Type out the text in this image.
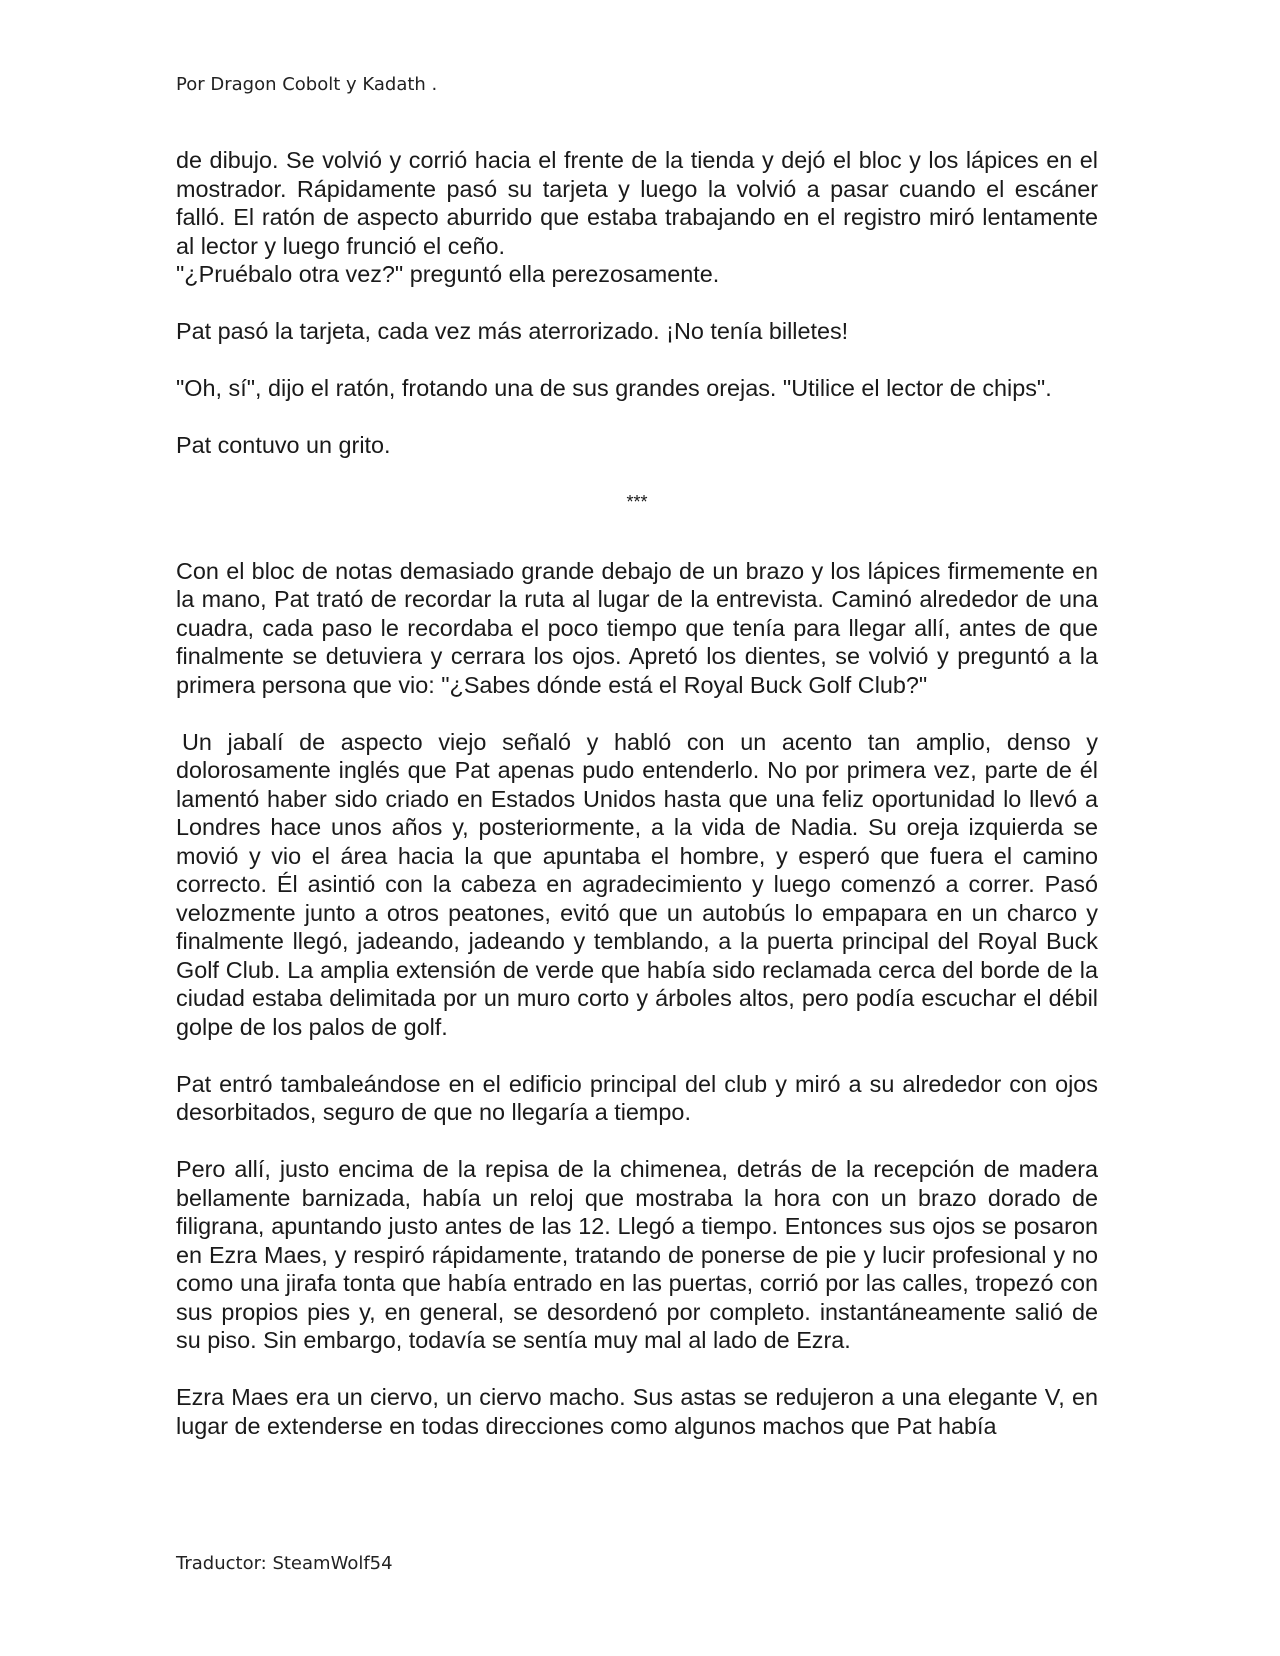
Por Dragon Cobolt y Kadath .

de dibujo. Se volvió y corrió hacia el frente de la tienda y dejó el bloc y los lápices en el mostrador. Rápidamente pasó su tarjeta y luego la volvió a pasar cuando el escáner falló. El ratón de aspecto aburrido que estaba trabajando en el registro miró lentamente al lector y luego frunció el ceño.

"¿Pruébalo otra vez?" preguntó ella perezosamente.

Pat pasó la tarjeta, cada vez más aterrorizado. ¡No tenía billetes!

"Oh, sí", dijo el ratón, frotando una de sus grandes orejas. "Utilice el lector de chips".

Pat contuvo un grito.

***

Con el bloc de notas demasiado grande debajo de un brazo y los lápices firmemente en la mano, Pat trató de recordar la ruta al lugar de la entrevista. Caminó alrededor de una cuadra, cada paso le recordaba el poco tiempo que tenía para llegar allí, antes de que finalmente se detuviera y cerrara los ojos. Apretó los dientes, se volvió y preguntó a la primera persona que vio: "¿Sabes dónde está el Royal Buck Golf Club?"

Un jabalí de aspecto viejo señaló y habló con un acento tan amplio, denso y dolorosamente inglés que Pat apenas pudo entenderlo. No por primera vez, parte de él lamentó haber sido criado en Estados Unidos hasta que una feliz oportunidad lo llevó a Londres hace unos años y, posteriormente, a la vida de Nadia. Su oreja izquierda se movió y vio el área hacia la que apuntaba el hombre, y esperó que fuera el camino correcto. Él asintió con la cabeza en agradecimiento y luego comenzó a correr. Pasó velozmente junto a otros peatones, evitó que un autobús lo empapara en un charco y finalmente llegó, jadeando, jadeando y temblando, a la puerta principal del Royal Buck Golf Club. La amplia extensión de verde que había sido reclamada cerca del borde de la ciudad estaba delimitada por un muro corto y árboles altos, pero podía escuchar el débil golpe de los palos de golf.

Pat entró tambaleándose en el edificio principal del club y miró a su alrededor con ojos desorbitados, seguro de que no llegaría a tiempo.

Pero allí, justo encima de la repisa de la chimenea, detrás de la recepción de madera bellamente barnizada, había un reloj que mostraba la hora con un brazo dorado de filigrana, apuntando justo antes de las 12. Llegó a tiempo. Entonces sus ojos se posaron en Ezra Maes, y respiró rápidamente, tratando de ponerse de pie y lucir profesional y no como una jirafa tonta que había entrado en las puertas, corrió por las calles, tropezó con sus propios pies y, en general, se desordenó por completo. instantáneamente salió de su piso. Sin embargo, todavía se sentía muy mal al lado de Ezra.

Ezra Maes era un ciervo, un ciervo macho. Sus astas se redujeron a una elegante V, en lugar de extenderse en todas direcciones como algunos machos que Pat había

Traductor: SteamWolf54
